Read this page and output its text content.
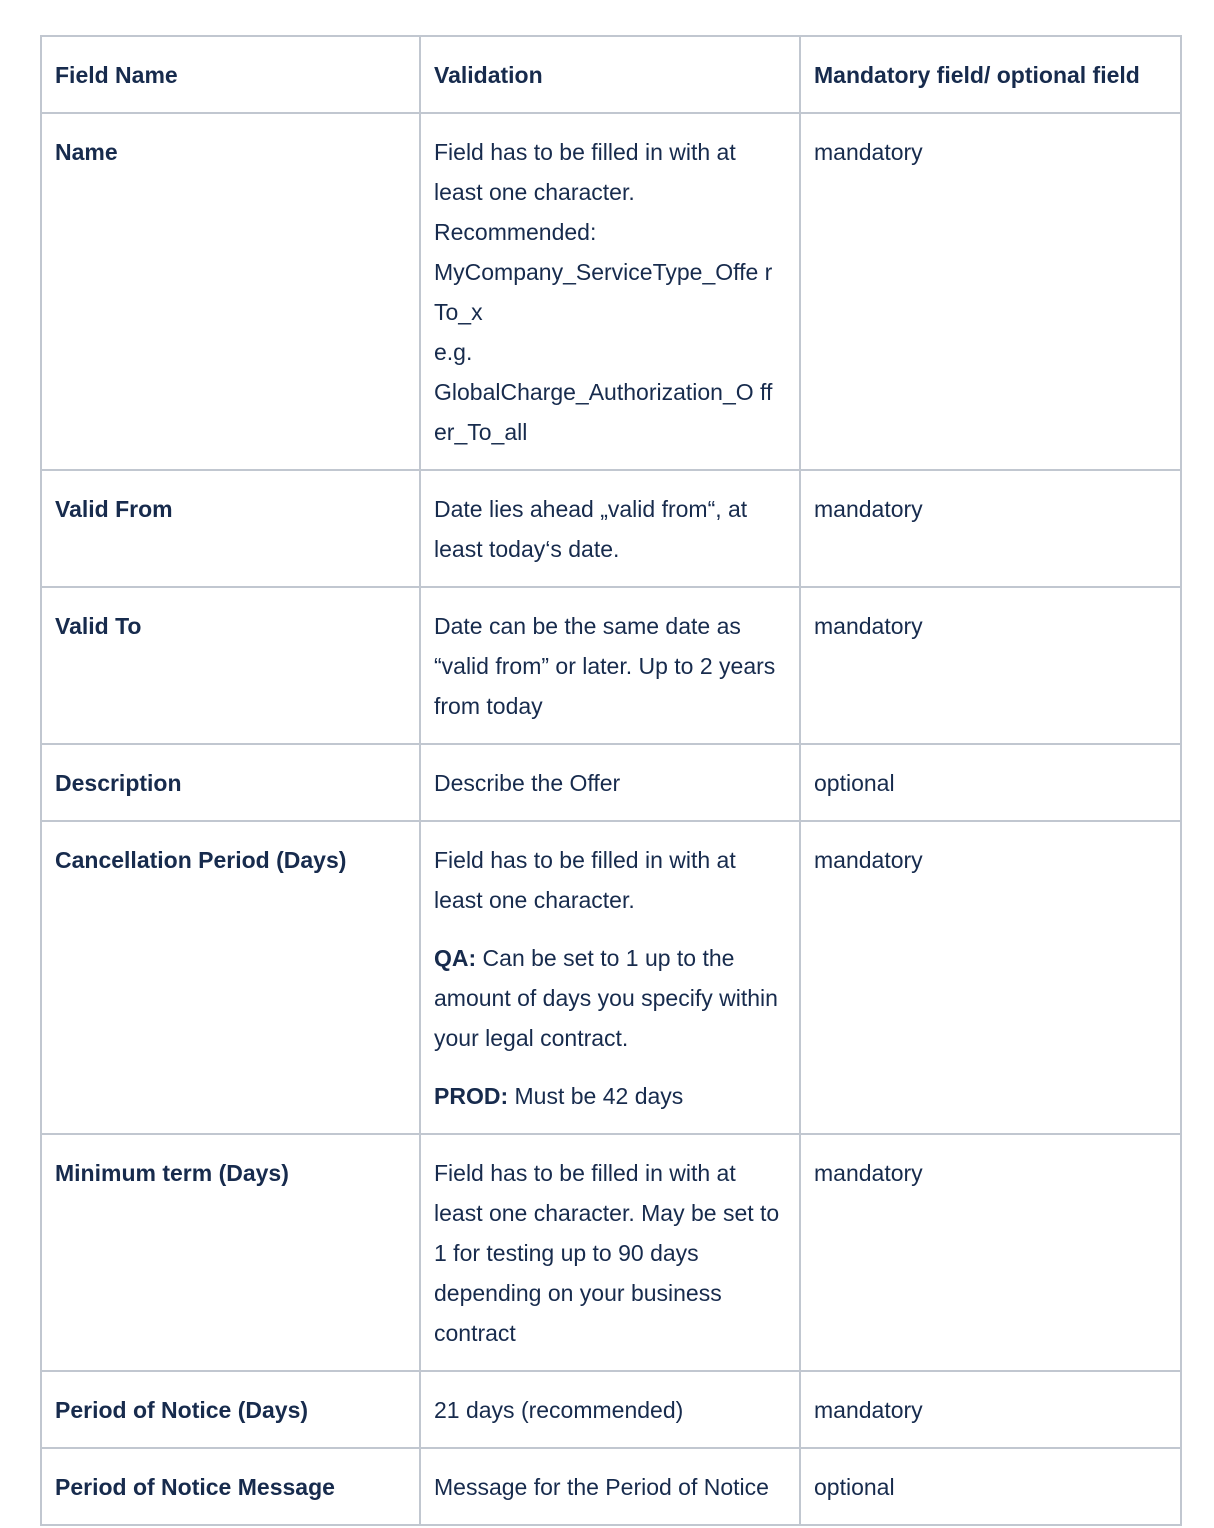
Field Name	Validation	Mandatory field/ optional field
Name	Field has to be filled in with at least one character.
Recommended:
MyCompany_ServiceType_Offe r To_x
e.g.
GlobalCharge_Authorization_O ff er_To_all	mandatory
Valid From	Date lies ahead „valid from“, at least today‘s date.	mandatory
Valid To	Date can be the same date as “valid from” or later. Up to 2 years from today	mandatory
Description	Describe the Offer	optional
Cancellation Period (Days)	Field has to be filled in with at least one character.
QA: Can be set to 1 up to the amount of days you specify within your legal contract.
PROD: Must be 42 days	mandatory
Minimum term (Days)	Field has to be filled in with at least one character. May be set to 1 for testing up to 90 days depending on your business contract	mandatory
Period of Notice (Days)	21 days (recommended)	mandatory
Period of Notice Message	Message for the Period of Notice	optional
